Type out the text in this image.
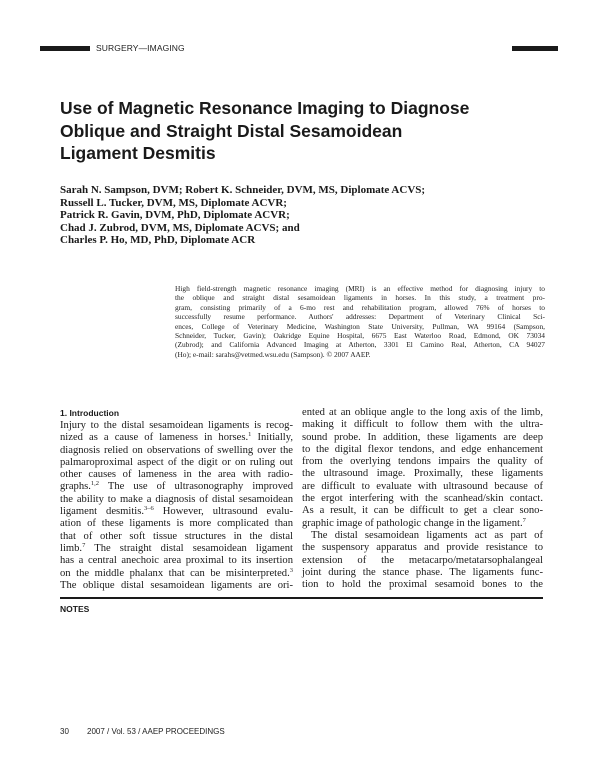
SURGERY—IMAGING
Use of Magnetic Resonance Imaging to Diagnose
Oblique and Straight Distal Sesamoidean
Ligament Desmitis
Sarah N. Sampson, DVM; Robert K. Schneider, DVM, MS, Diplomate ACVS;
Russell L. Tucker, DVM, MS, Diplomate ACVR;
Patrick R. Gavin, DVM, PhD, Diplomate ACVR;
Chad J. Zubrod, DVM, MS, Diplomate ACVS; and
Charles P. Ho, MD, PhD, Diplomate ACR
High field-strength magnetic resonance imaging (MRI) is an effective method for diagnosing injury to
the oblique and straight distal sesamoidean ligaments in horses. In this study, a treatment pro-
gram, consisting primarily of a 6-mo rest and rehabilitation program, allowed 76% of horses to
successfully resume performance. Authors' addresses: Department of Veterinary Clinical Sci-
ences, College of Veterinary Medicine, Washington State University, Pullman, WA 99164 (Sampson,
Schneider, Tucker, Gavin); Oakridge Equine Hospital, 6675 East Waterloo Road, Edmond, OK 73034
(Zubrod); and California Advanced Imaging at Atherton, 3301 El Camino Real, Atherton, CA 94027
(Ho); e-mail: sarahs@vetmed.wsu.edu (Sampson). © 2007 AAEP.
1. Introduction
Injury to the distal sesamoidean ligaments is recog-
nized as a cause of lameness in horses.$^1$ Initially,
diagnosis relied on observations of swelling over the
palmaroproximal aspect of the digit or on ruling out
other causes of lameness in the area with radio-
graphs.$^{1,2}$ The use of ultrasonography improved
the ability to make a diagnosis of distal sesamoidean
ligament desmitis.$^{3-6}$ However, ultrasound evalu-
ation of these ligaments is more complicated than
that of other soft tissue structures in the distal
limb.$^7$ The straight distal sesamoidean ligament
has a central anechoic area proximal to its insertion
on the middle phalanx that can be misinterpreted.$^3$
The oblique distal sesamoidean ligaments are ori-
ented at an oblique angle to the long axis of the limb,
making it difficult to follow them with the ultra-
sound probe. In addition, these ligaments are deep
to the digital flexor tendons, and edge enhancement
from the overlying tendons impairs the quality of
the ultrasound image. Proximally, these ligaments
are difficult to evaluate with ultrasound because of
the ergot interfering with the scanhead/skin contact.
As a result, it can be difficult to get a clear sono-
graphic image of pathologic change in the ligament.$^7$
The distal sesamoidean ligaments act as part of
the suspensory apparatus and provide resistance to
extension of the metacarpo/metatarsophalangeal
joint during the stance phase. The ligaments func-
tion to hold the proximal sesamoid bones to the
NOTES
30 2007 / Vol. 53 / AAEP PROCEEDINGS
